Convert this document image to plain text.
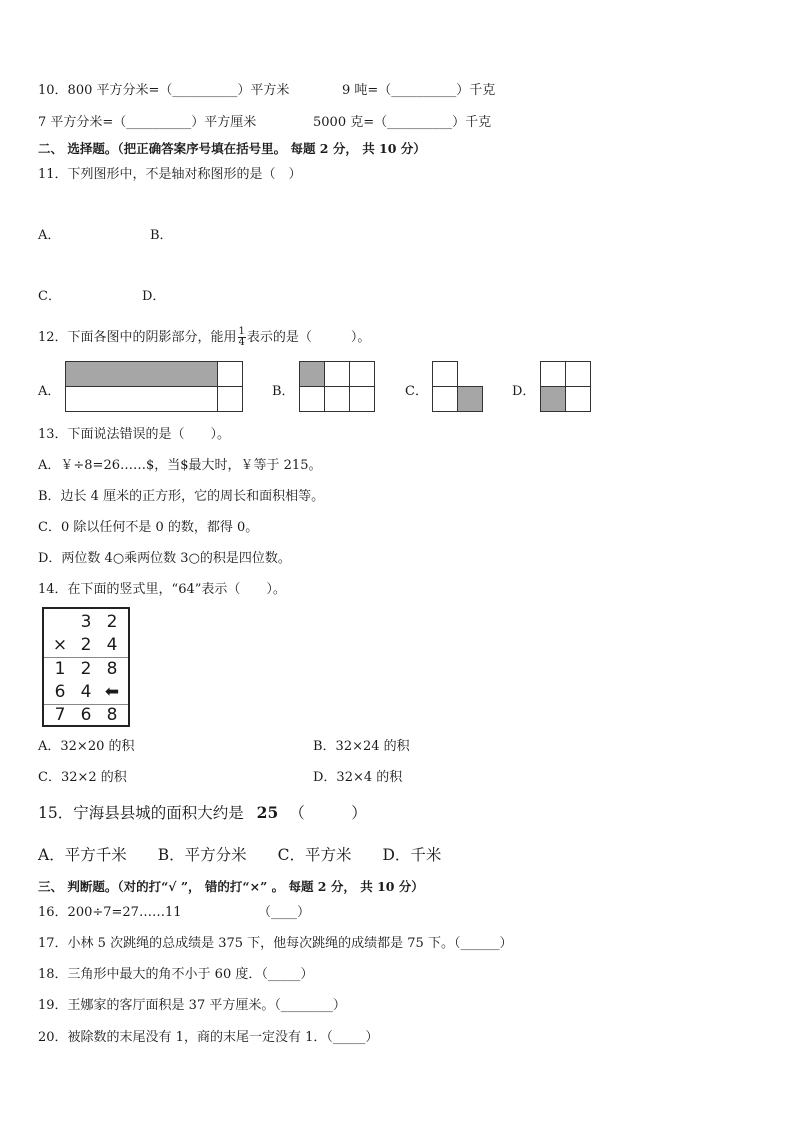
10．800 平方分米=（__________）平方米	9 吨=（__________）千克
7 平方分米=（__________）平方厘米	5000 克=（__________）千克
二、 选择题。（把正确答案序号填在括号里。 每题 2 分， 共 10 分）
11．下列图形中，不是轴对称图形的是（　）
A．	B．
C．	D．
12．下面各图中的阴影部分，能用 $\frac{1}{4}$ 表示的是（　　　）。
A．	B．	C．	D．
13．下面说法错误的是（　　）。
A．￥÷8=26……$，当$最大时，￥等于 215。
B．边长 4 厘米的正方形，它的周长和面积相等。
C．0 除以任何不是 0 的数，都得 0。
D．两位数 4○乘两位数 3○的积是四位数。
14．在下面的竖式里，“64”表示（　　）。
3 2
× 2 4
1 2 8
6 4 ⬅
7 6 8
A．32×20 的积	B．32×24 的积
C．32×2 的积	D．32×4 的积
15．宁海县县城的面积大约是 25 （　　　）
A．平方千米　　B．平方分米　　C．平方米　　D．千米
三、 判断题。（对的打“√ ”， 错的打“×” 。 每题 2 分， 共 10 分）
16．200÷7=27……11	（____）
17．小林 5 次跳绳的总成绩是 375 下，他每次跳绳的成绩都是 75 下。（______）
18．三角形中最大的角不小于 60 度．（_____）
19．王娜家的客厅面积是 37 平方厘米。（________）
20．被除数的末尾没有 1，商的末尾一定没有 1．（_____）
